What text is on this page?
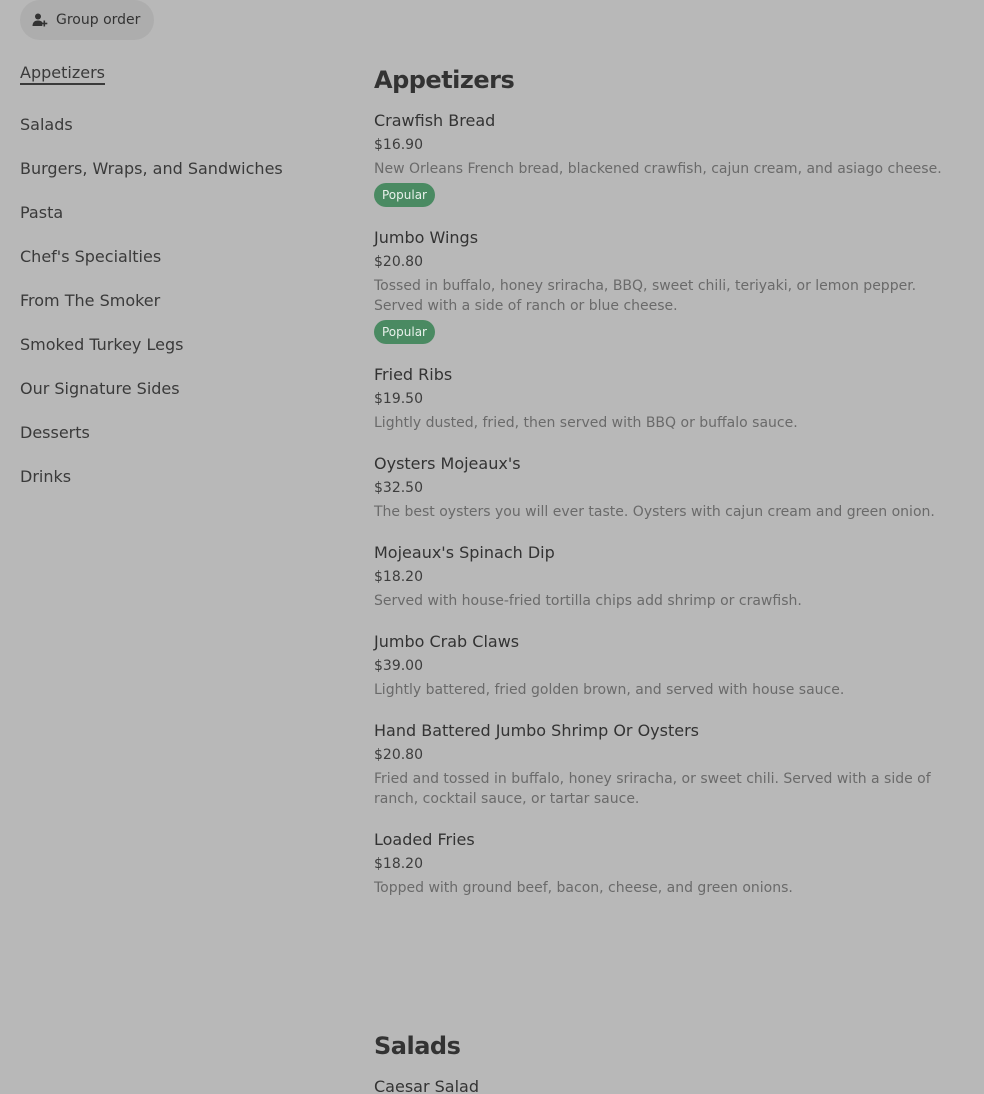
Group order
Appetizers
Salads
Burgers, Wraps, and Sandwiches
Pasta
Chef's Specialties
From The Smoker
Smoked Turkey Legs
Our Signature Sides
Desserts
Drinks
Appetizers
Crawfish Bread
$16.90
New Orleans French bread, blackened crawfish, cajun cream, and asiago cheese.
Popular
Jumbo Wings
$20.80
Tossed in buffalo, honey sriracha, BBQ, sweet chili, teriyaki, or lemon pepper. Served with a side of ranch or blue cheese.
Popular
Fried Ribs
$19.50
Lightly dusted, fried, then served with BBQ or buffalo sauce.
Oysters Mojeaux's
$32.50
The best oysters you will ever taste. Oysters with cajun cream and green onion.
Mojeaux's Spinach Dip
$18.20
Served with house-fried tortilla chips add shrimp or crawfish.
Jumbo Crab Claws
$39.00
Lightly battered, fried golden brown, and served with house sauce.
Hand Battered Jumbo Shrimp Or Oysters
$20.80
Fried and tossed in buffalo, honey sriracha, or sweet chili. Served with a side of ranch, cocktail sauce, or tartar sauce.
Loaded Fries
$18.20
Topped with ground beef, bacon, cheese, and green onions.
Salads
Caesar Salad
